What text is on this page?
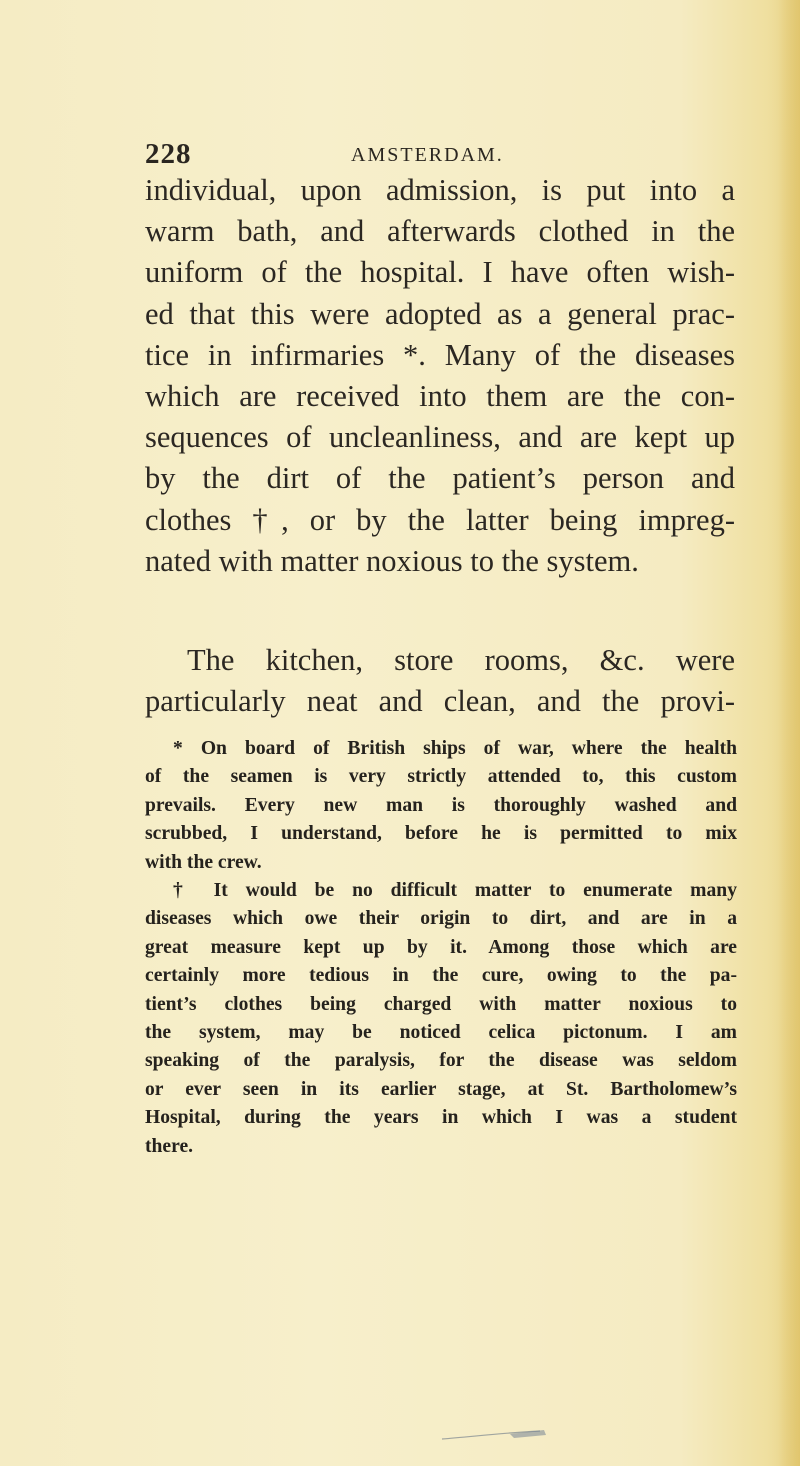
228	AMSTERDAM.
individual, upon admission, is put into a
warm bath, and afterwards clothed in the
uniform of the hospital. I have often wish-
ed that this were adopted as a general prac-
tice in infirmaries *. Many of the diseases
which are received into them are the con-
sequences of uncleanliness, and are kept up
by the dirt of the patient’s person and
clothes †, or by the latter being impreg-
nated with matter noxious to the system.
The kitchen, store rooms, &c. were
particularly neat and clean, and the provi-
* On board of British ships of war, where the health
of the seamen is very strictly attended to, this custom
prevails. Every new man is thoroughly washed and
scrubbed, I understand, before he is permitted to mix
with the crew.
† It would be no difficult matter to enumerate many
diseases which owe their origin to dirt, and are in a
great measure kept up by it. Among those which are
certainly more tedious in the cure, owing to the pa-
tient’s clothes being charged with matter noxious to
the system, may be noticed celica pictonum. I am
speaking of the paralysis, for the disease was seldom
or ever seen in its earlier stage, at St. Bartholomew’s
Hospital, during the years in which I was a student
there.
